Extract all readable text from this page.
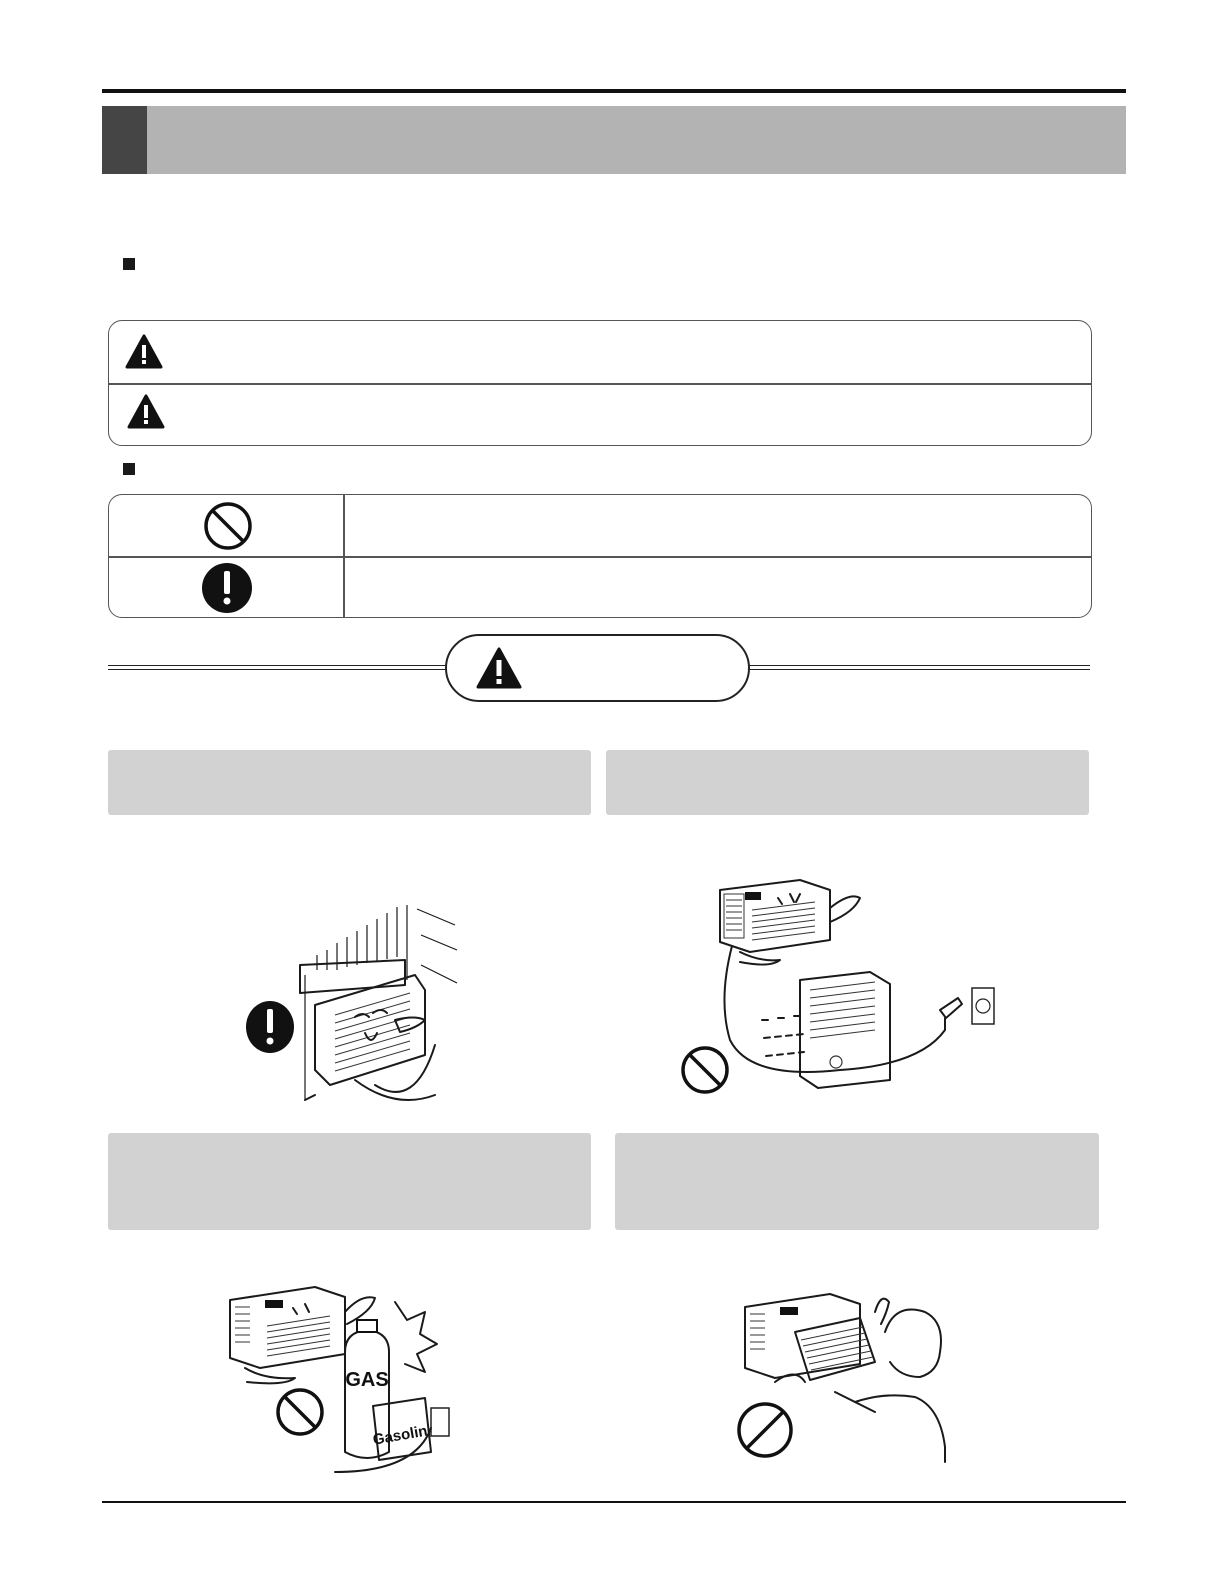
GAS
Gasolin
